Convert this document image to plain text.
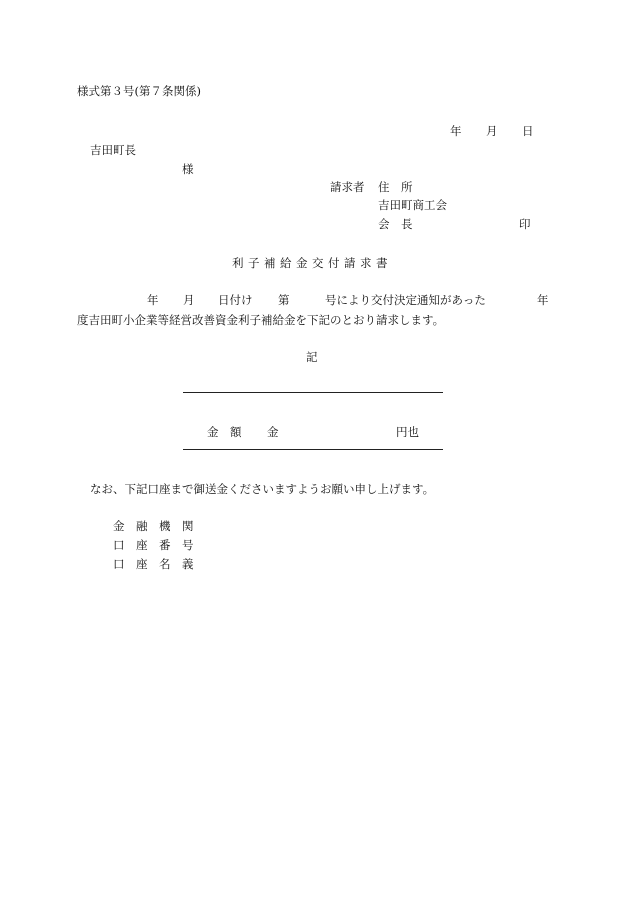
様式第３号(第７条関係)
年 月 日
吉田町長
様
請求者 住　所
吉田町商工会
会　長	印
利子補給金交付請求書
年 月 日付け 第	号により交付決定通知があった	年
度吉田町小企業等経営改善資金利子補給金を下記のとおり請求します。
記
金　額 金	円也
なお、下記口座まで御送金くださいますようお願い申し上げます。
金　融　機　関
口　座　番　号
口　座　名　義
